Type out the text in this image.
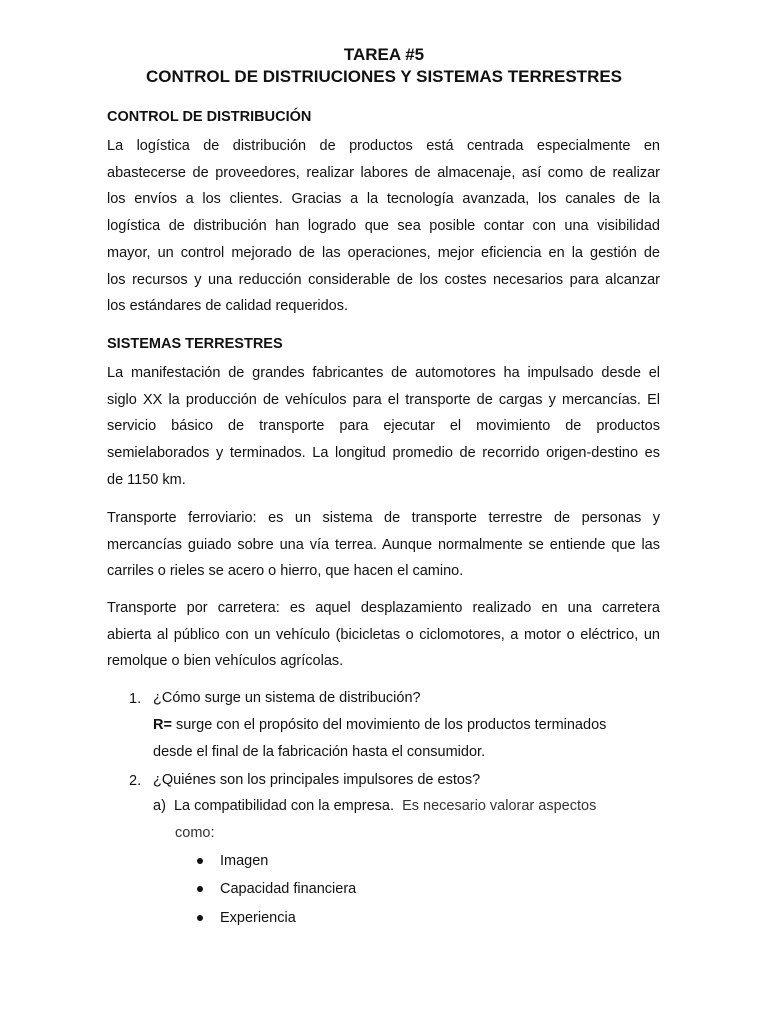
TAREA #5
CONTROL DE DISTRIUCIONES Y SISTEMAS TERRESTRES
CONTROL DE DISTRIBUCIÓN
La logística de distribución de productos está centrada especialmente en
abastecerse de proveedores, realizar labores de almacenaje, así como de realizar
los envíos a los clientes. Gracias a la tecnología avanzada, los canales de la
logística de distribución han logrado que sea posible contar con una visibilidad
mayor, un control mejorado de las operaciones, mejor eficiencia en la gestión de
los recursos y una reducción considerable de los costes necesarios para alcanzar
los estándares de calidad requeridos.
SISTEMAS TERRESTRES
La manifestación de grandes fabricantes de automotores ha impulsado desde el
siglo XX la producción de vehículos para el transporte de cargas y mercancías. El
servicio básico de transporte para ejecutar el movimiento de productos
semielaborados y terminados. La longitud promedio de recorrido origen-destino es
de 1150 km.
Transporte ferroviario: es un sistema de transporte terrestre de personas y
mercancías guiado sobre una vía terrea. Aunque normalmente se entiende que las
carriles o rieles se acero o hierro, que hacen el camino.
Transporte por carretera: es aquel desplazamiento realizado en una carretera
abierta al público con un vehículo (bicicletas o ciclomotores, a motor o eléctrico, un
remolque o bien vehículos agrícolas.
1. ¿Cómo surge un sistema de distribución?
R= surge con el propósito del movimiento de los productos terminados
desde el final de la fabricación hasta el consumidor.
2. ¿Quiénes son los principales impulsores de estos?
a) La compatibilidad con la empresa. Es necesario valorar aspectos
como:
Imagen
Capacidad financiera
Experiencia
